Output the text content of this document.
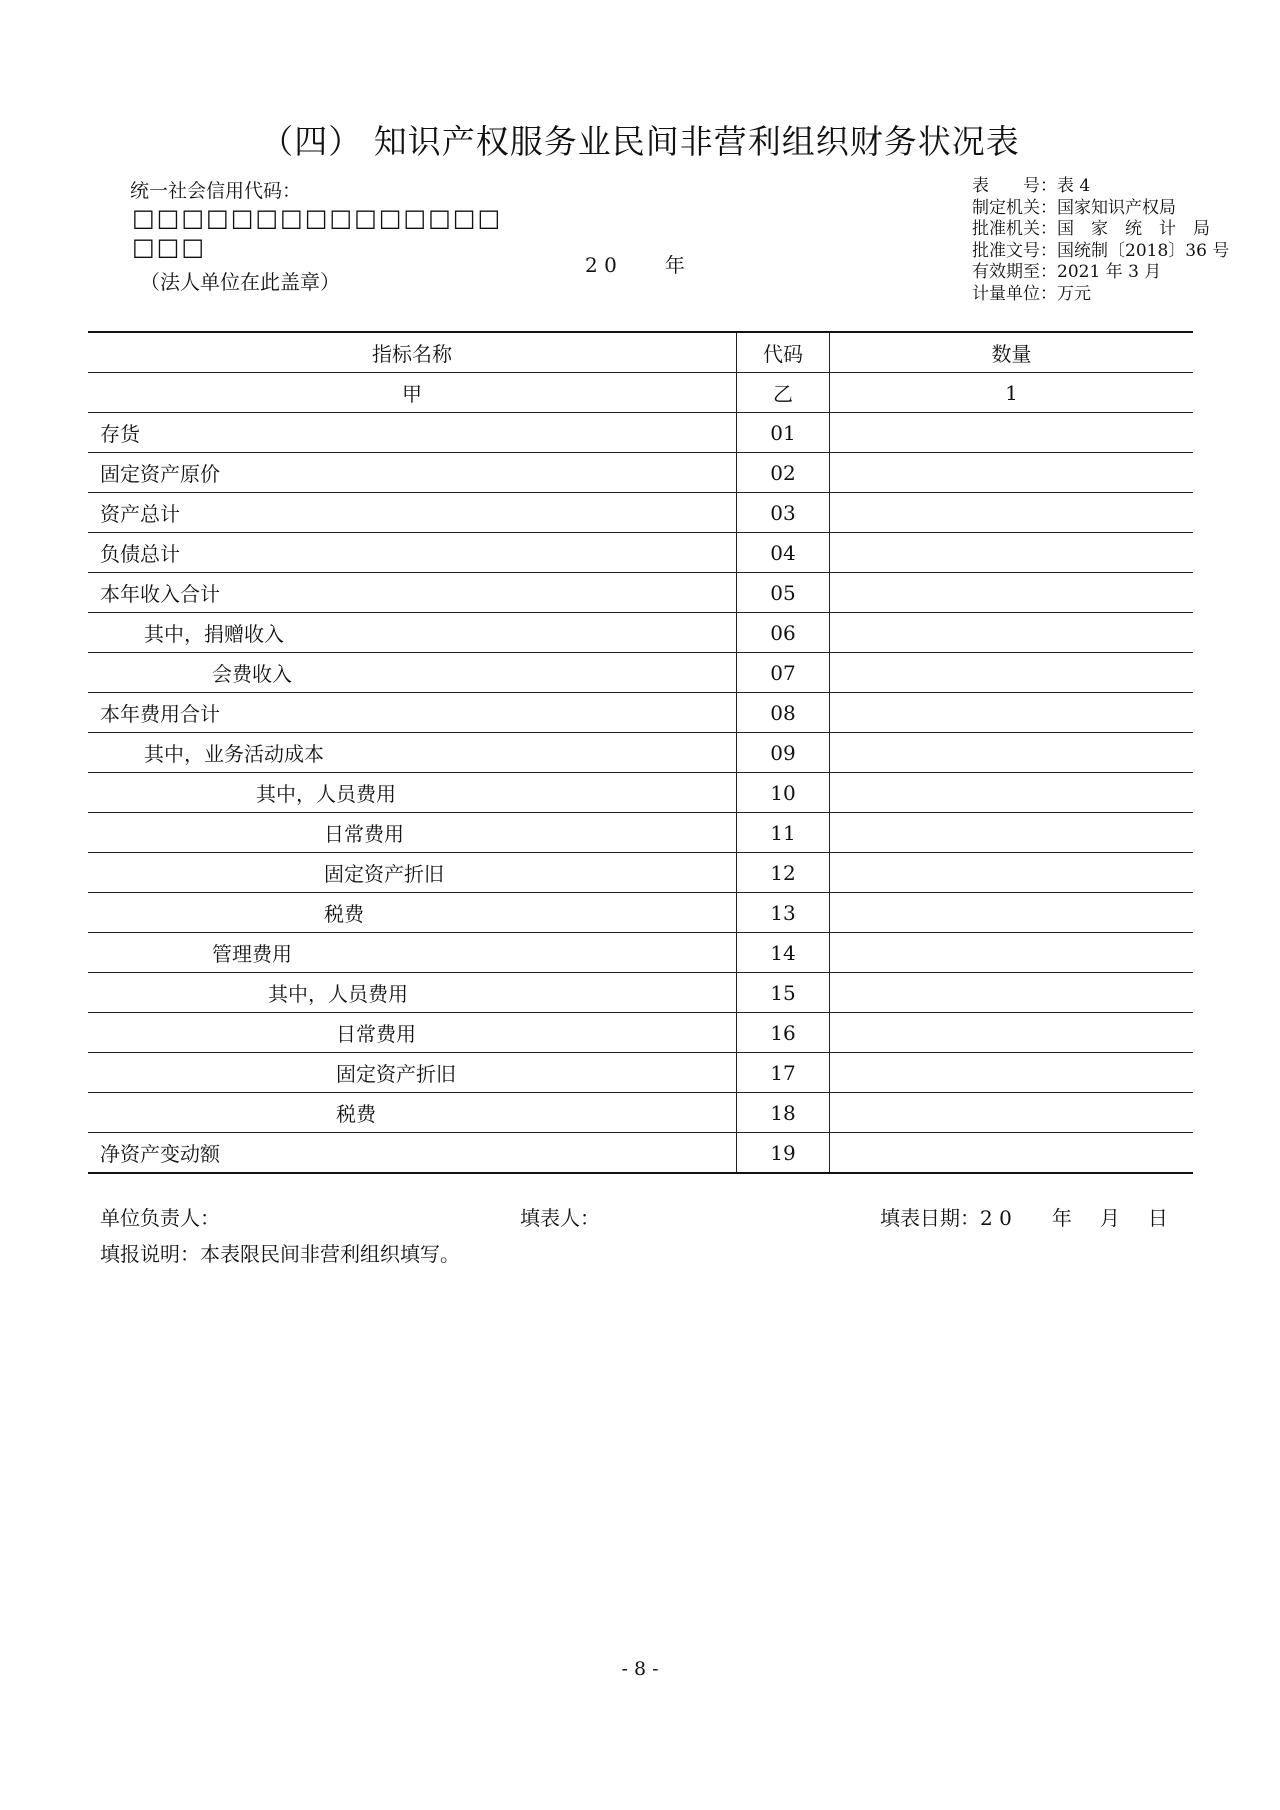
（四） 知识产权服务业民间非营利组织财务状况表
统一社会信用代码：
□□□□□□□□□□□□□□□
□□□
（法人单位在此盖章）
2 0 年
表　　号：表 4
制定机关：国家知识产权局
批准机关：国　家　统　计　局
批准文号：国统制〔2018〕36 号
有效期至：2021 年 3 月
计量单位：万元
指标名称	代码	数量
甲	乙	1
存货	01	
固定资产原价	02	
资产总计	03	
负债总计	04	
本年收入合计	05	
其中，捐赠收入	06	
会费收入	07	
本年费用合计	08	
其中，业务活动成本	09	
其中，人员费用	10	
日常费用	11	
固定资产折旧	12	
税费	13	
管理费用	14	
其中，人员费用	15	
日常费用	16	
固定资产折旧	17	
税费	18	
净资产变动额	19	
单位负责人：	填表人：	填表日期：2 0 年 月 日
填报说明：本表限民间非营利组织填写。
- 8 -
